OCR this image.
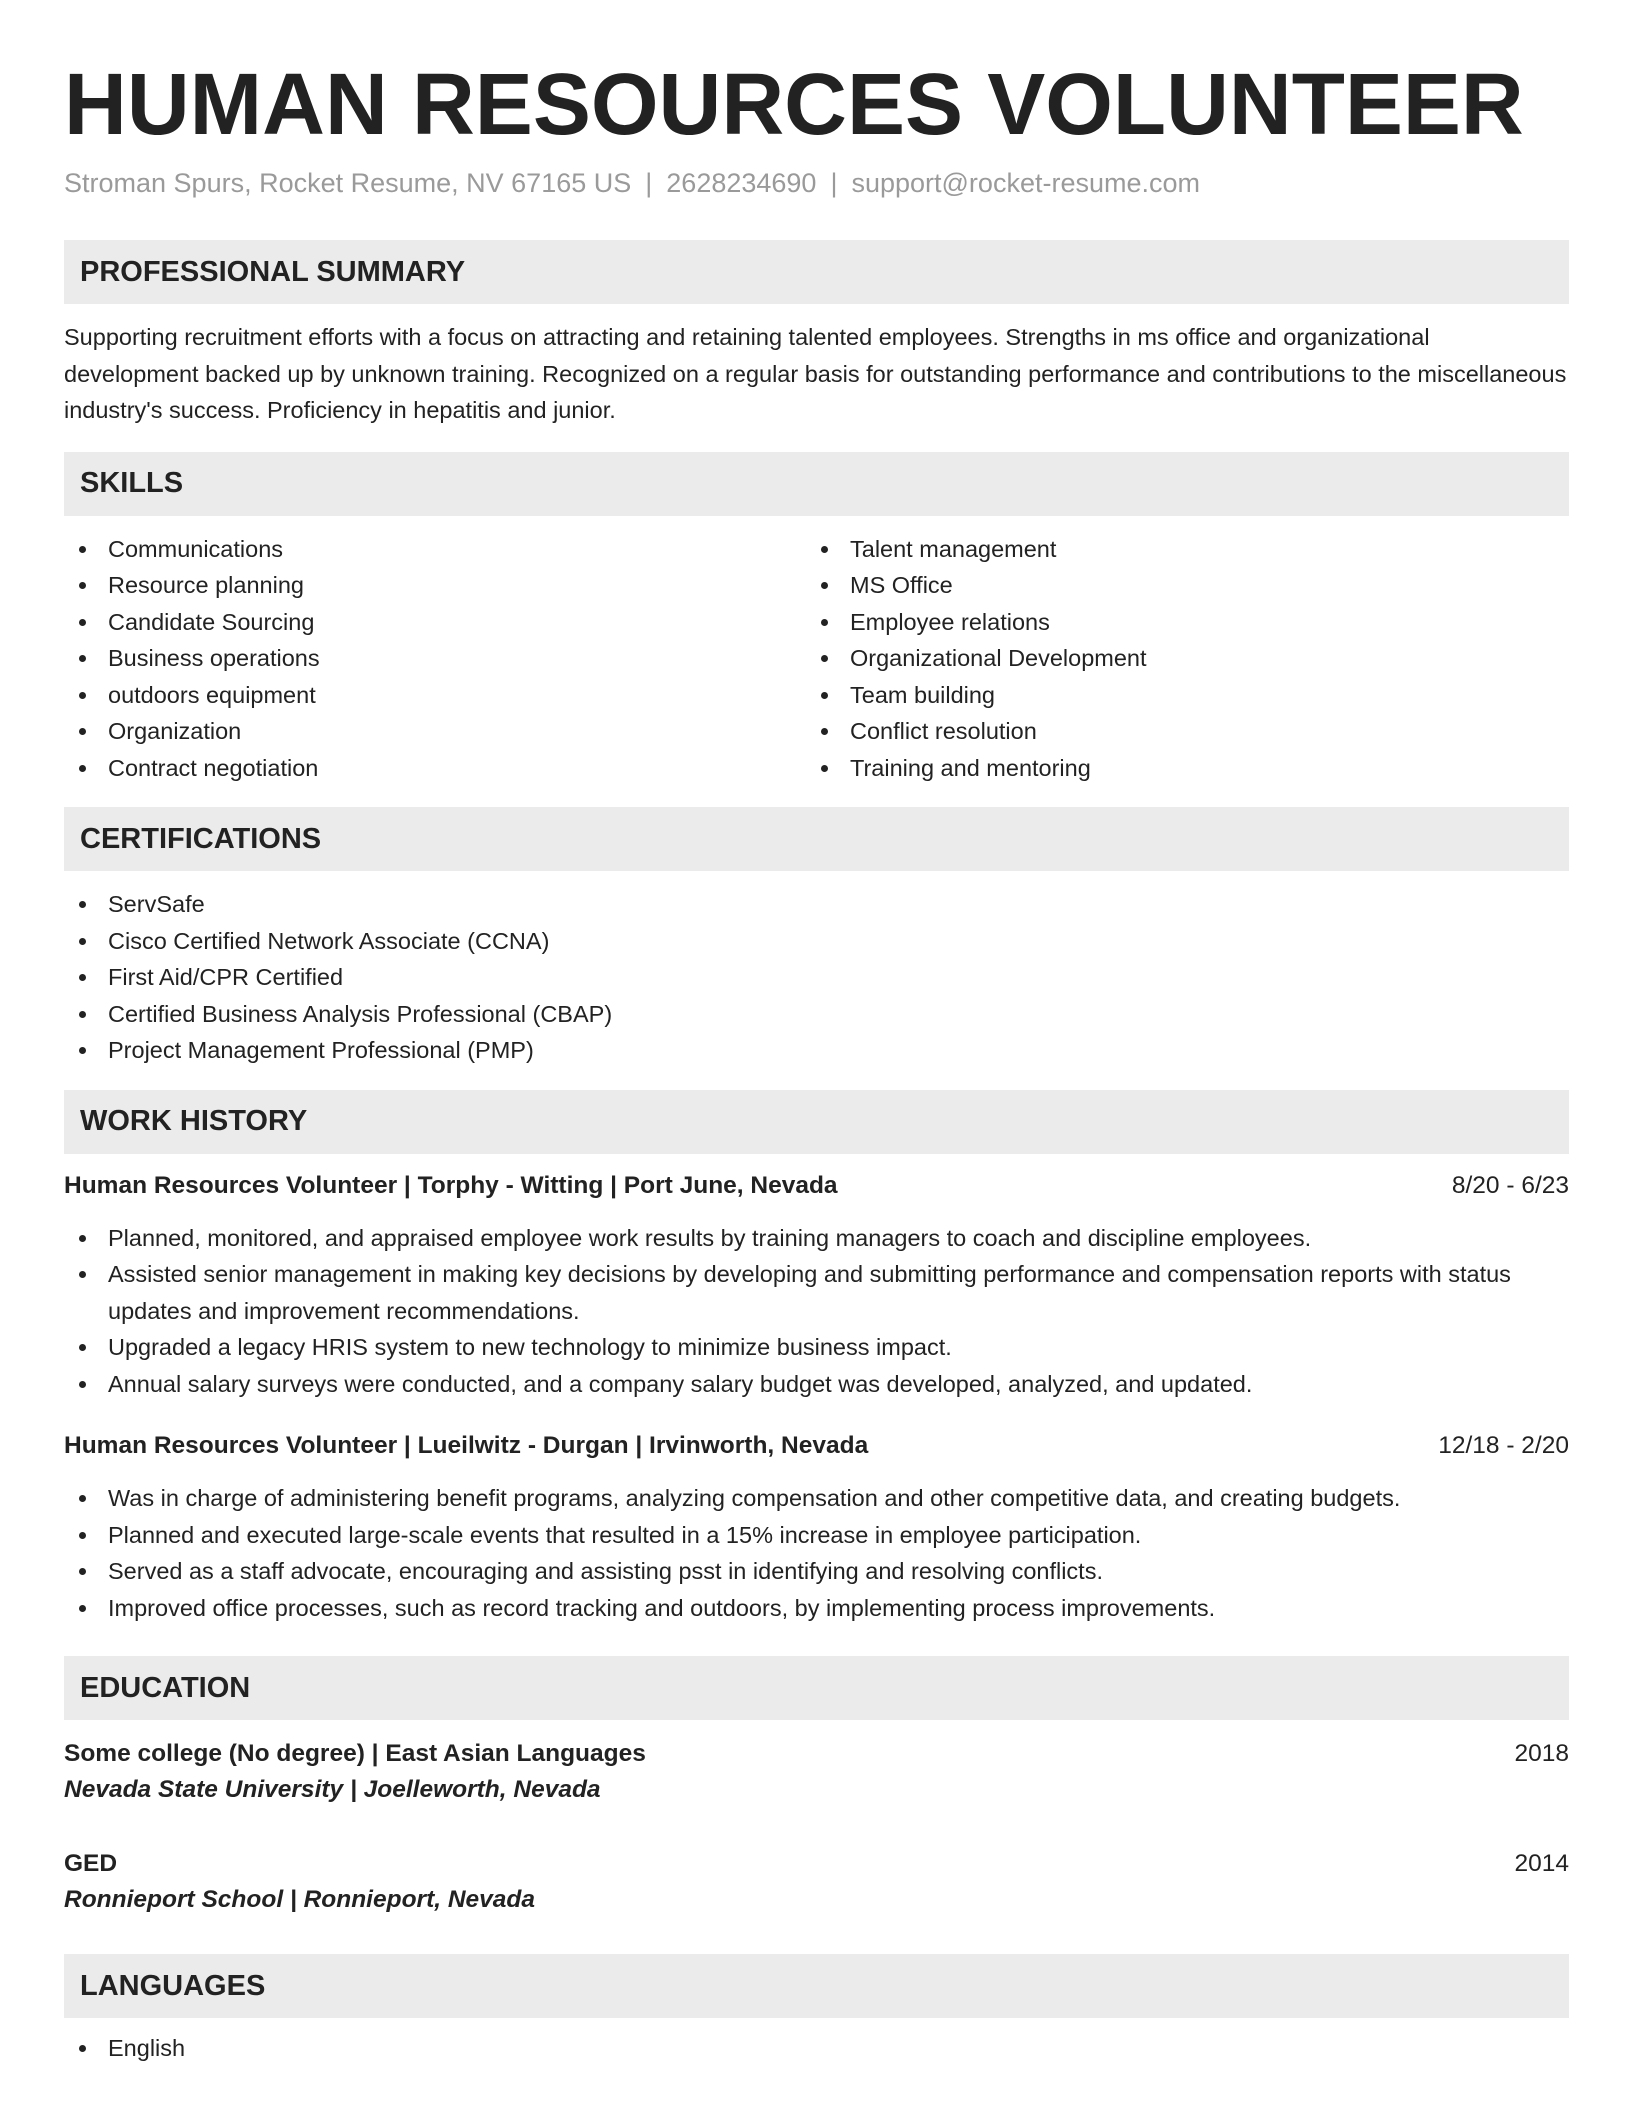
HUMAN RESOURCES VOLUNTEER
Stroman Spurs, Rocket Resume, NV 67165 US | 2628234690 | support@rocket-resume.com
PROFESSIONAL SUMMARY

Supporting recruitment efforts with a focus on attracting and retaining talented employees. Strengths in ms office and organizational development backed up by unknown training. Recognized on a regular basis for outstanding performance and contributions to the miscellaneous industry's success. Proficiency in hepatitis and junior.

SKILLS
Communications
Resource planning
Candidate Sourcing
Business operations
outdoors equipment
Organization
Contract negotiation
Talent management
MS Office
Employee relations
Organizational Development
Team building
Conflict resolution
Training and mentoring
CERTIFICATIONS
ServSafe
Cisco Certified Network Associate (CCNA)
First Aid/CPR Certified
Certified Business Analysis Professional (CBAP)
Project Management Professional (PMP)
WORK HISTORY
Human Resources Volunteer | Torphy - Witting | Port June, Nevada	8/20 - 6/23
Planned, monitored, and appraised employee work results by training managers to coach and discipline employees.
Assisted senior management in making key decisions by developing and submitting performance and compensation reports with status updates and improvement recommendations.
Upgraded a legacy HRIS system to new technology to minimize business impact.
Annual salary surveys were conducted, and a company salary budget was developed, analyzed, and updated.
Human Resources Volunteer | Lueilwitz - Durgan | Irvinworth, Nevada	12/18 - 2/20
Was in charge of administering benefit programs, analyzing compensation and other competitive data, and creating budgets.
Planned and executed large-scale events that resulted in a 15% increase in employee participation.
Served as a staff advocate, encouraging and assisting psst in identifying and resolving conflicts.
Improved office processes, such as record tracking and outdoors, by implementing process improvements.
EDUCATION
Some college (No degree) | East Asian Languages	2018
Nevada State University | Joelleworth, Nevada
GED	2014
Ronnieport School | Ronnieport, Nevada
LANGUAGES
English
